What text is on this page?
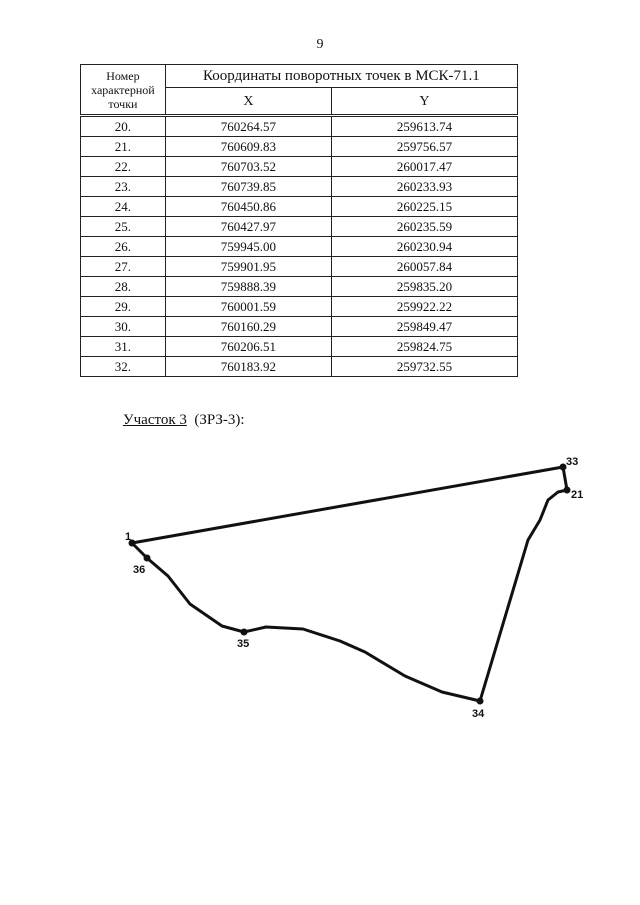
9
Номер характерной точки	Координаты поворотных точек в МСК-71.1	
	X	Y
20.	760264.57	259613.74
21.	760609.83	259756.57
22.	760703.52	260017.47
23.	760739.85	260233.93
24.	760450.86	260225.15
25.	760427.97	260235.59
26.	759945.00	260230.94
27.	759901.95	260057.84
28.	759888.39	259835.20
29.	760001.59	259922.22
30.	760160.29	259849.47
31.	760206.51	259824.75
32.	760183.92	259732.55
Участок 3 (ЗРЗ-3):
1
33
21
36
35
34
